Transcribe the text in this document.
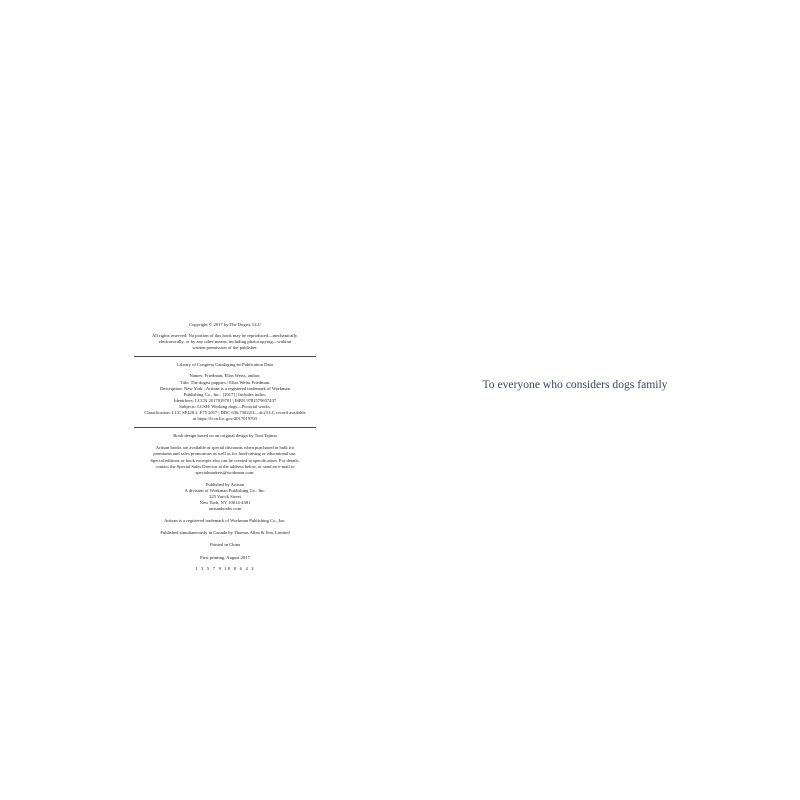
Copyright © 2017 by The Dogist, LLC

All rights reserved. No portion of this book may be reproduced—mechanically,

electronically, or by any other means, including photocopying—without

written permission of the publisher.

Library of Congress Cataloging-in-Publication Data

Names: Friedman, Elias Weiss, author.

Title: The dogist puppies / Elias Weiss Friedman.

Description: New York : Artisan is a registered trademark of Workman

Publishing Co., Inc., [2017] | Includes index.

Identifiers: LCCN 2017019701 | ISBN 9781579657437

Subjects: LCSH: Working dogs—Pictorial works.

Classification: LCC SF428.2 .F75 2017 | DDC 636.73022/2—dc23 LC record available

at https://lccn.loc.gov/2017019703

Book design based on an original design by Toni Tajima

Artisan books are available at special discounts when purchased in bulk for

premiums and sales promotions as well as for fund-raising or educational use.

Special editions or book excerpts also can be created to specification. For details,

contact the Special Sales Director at the address below, or send an e-mail to

specialmarkets@workman.com.

Published by Artisan

A division of Workman Publishing Co., Inc.

225 Varick Street

New York, NY 10014-4381

artisanbooks.com

Artisan is a registered trademark of Workman Publishing Co., Inc.

Published simultaneously in Canada by Thomas Allen & Son, Limited

Printed in China

First printing, August 2017

1 3 5 7 9 10 8 6 4 2

To everyone who considers dogs family
